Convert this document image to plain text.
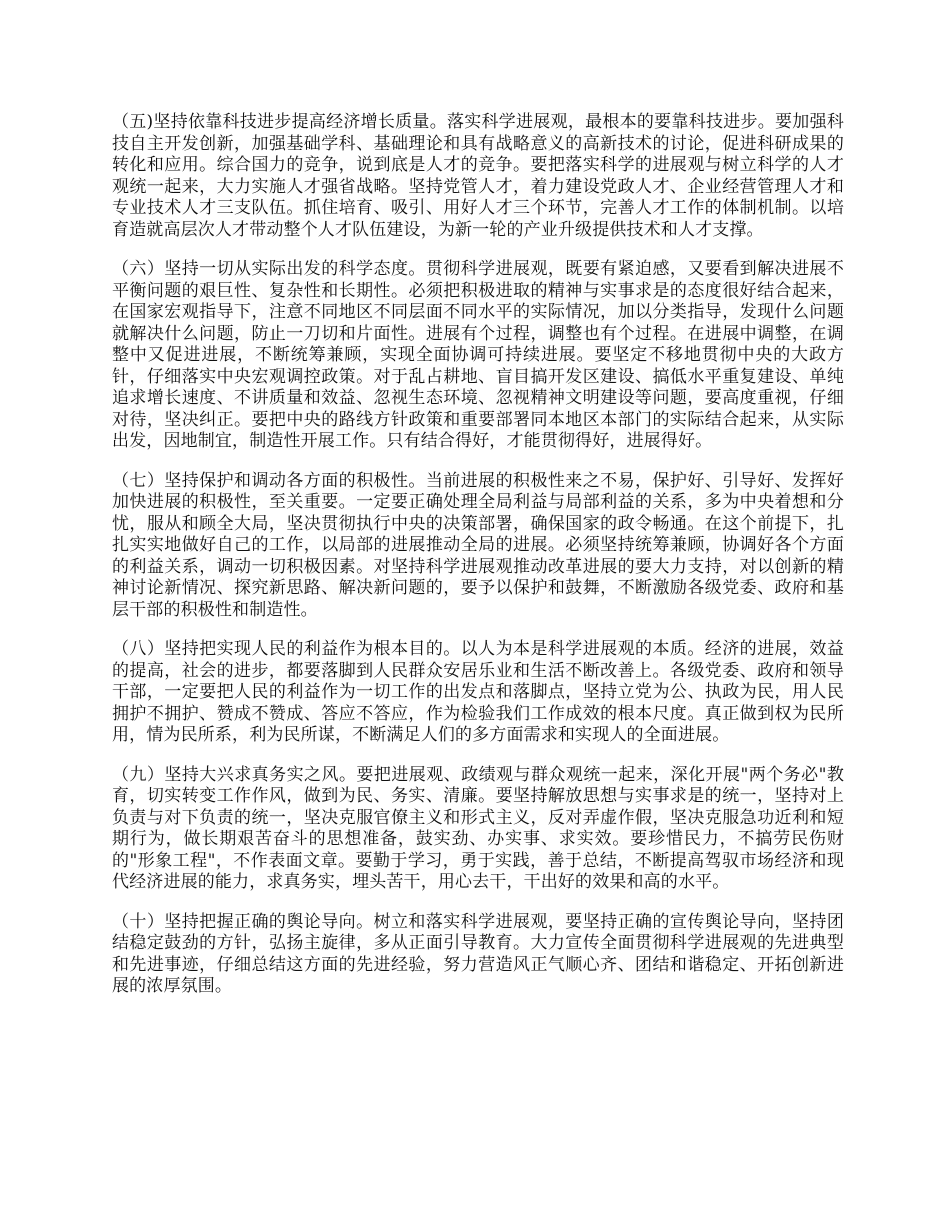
（五)坚持依靠科技进步提高经济增长质量。落实科学进展观，最根本的要靠科技进步。要加强科技自主开发创新，加强基础学科、基础理论和具有战略意义的高新技术的讨论，促进科研成果的转化和应用。综合国力的竞争，说到底是人才的竞争。要把落实科学的进展观与树立科学的人才观统一起来，大力实施人才强省战略。坚持党管人才，着力建设党政人才、企业经营管理人才和专业技术人才三支队伍。抓住培育、吸引、用好人才三个环节，完善人才工作的体制机制。以培育造就高层次人才带动整个人才队伍建设，为新一轮的产业升级提供技术和人才支撑。

（六）坚持一切从实际出发的科学态度。贯彻科学进展观，既要有紧迫感，又要看到解决进展不平衡问题的艰巨性、复杂性和长期性。必须把积极进取的精神与实事求是的态度很好结合起来，在国家宏观指导下，注意不同地区不同层面不同水平的实际情况，加以分类指导，发现什么问题就解决什么问题，防止一刀切和片面性。进展有个过程，调整也有个过程。在进展中调整，在调整中又促进进展，不断统筹兼顾，实现全面协调可持续进展。要坚定不移地贯彻中央的大政方针，仔细落实中央宏观调控政策。对于乱占耕地、盲目搞开发区建设、搞低水平重复建设、单纯追求增长速度、不讲质量和效益、忽视生态环境、忽视精神文明建设等问题，要高度重视，仔细对待，坚决纠正。要把中央的路线方针政策和重要部署同本地区本部门的实际结合起来，从实际出发，因地制宜，制造性开展工作。只有结合得好，才能贯彻得好，进展得好。

（七）坚持保护和调动各方面的积极性。当前进展的积极性来之不易，保护好、引导好、发挥好加快进展的积极性，至关重要。一定要正确处理全局利益与局部利益的关系，多为中央着想和分忧，服从和顾全大局，坚决贯彻执行中央的决策部署，确保国家的政令畅通。在这个前提下，扎扎实实地做好自己的工作，以局部的进展推动全局的进展。必须坚持统筹兼顾，协调好各个方面的利益关系，调动一切积极因素。对坚持科学进展观推动改革进展的要大力支持，对以创新的精神讨论新情况、探究新思路、解决新问题的，要予以保护和鼓舞，不断激励各级党委、政府和基层干部的积极性和制造性。

（八）坚持把实现人民的利益作为根本目的。以人为本是科学进展观的本质。经济的进展，效益的提高，社会的进步，都要落脚到人民群众安居乐业和生活不断改善上。各级党委、政府和领导干部，一定要把人民的利益作为一切工作的出发点和落脚点，坚持立党为公、执政为民，用人民拥护不拥护、赞成不赞成、答应不答应，作为检验我们工作成效的根本尺度。真正做到权为民所用，情为民所系，利为民所谋，不断满足人们的多方面需求和实现人的全面进展。

（九）坚持大兴求真务实之风。要把进展观、政绩观与群众观统一起来，深化开展"两个务必"教育，切实转变工作作风，做到为民、务实、清廉。要坚持解放思想与实事求是的统一，坚持对上负责与对下负责的统一，坚决克服官僚主义和形式主义，反对弄虚作假，坚决克服急功近利和短期行为，做长期艰苦奋斗的思想准备，鼓实劲、办实事、求实效。要珍惜民力，不搞劳民伤财的"形象工程"，不作表面文章。要勤于学习，勇于实践，善于总结，不断提高驾驭市场经济和现代经济进展的能力，求真务实，埋头苦干，用心去干，干出好的效果和高的水平。

（十）坚持把握正确的舆论导向。树立和落实科学进展观，要坚持正确的宣传舆论导向，坚持团结稳定鼓劲的方针，弘扬主旋律，多从正面引导教育。大力宣传全面贯彻科学进展观的先进典型和先进事迹，仔细总结这方面的先进经验，努力营造风正气顺心齐、团结和谐稳定、开拓创新进展的浓厚氛围。
